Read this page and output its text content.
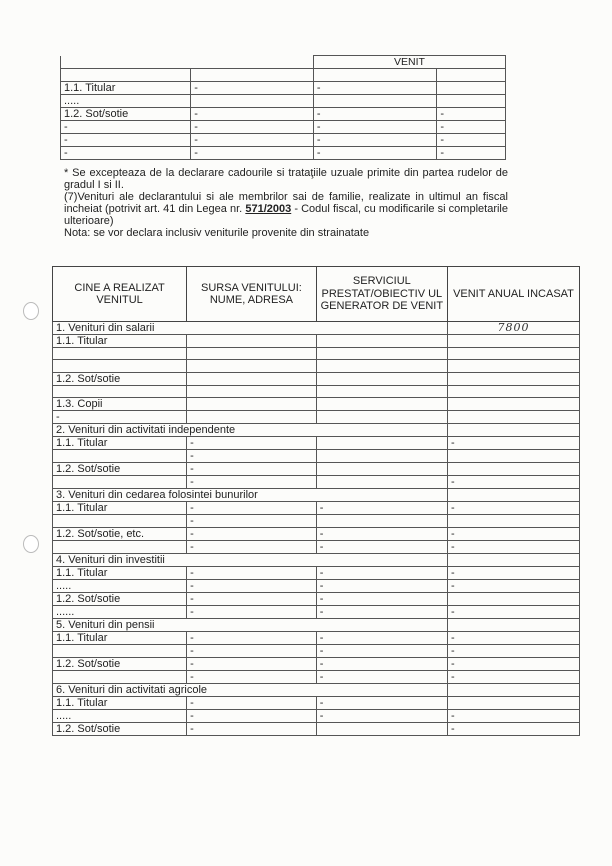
		VENIT	

1.1. Titular	-	-	
.....			
1.2. Sot/sotie	-	-	-
-	-	-	-
-	-	-	-
-	-	-	-

* Se excepteaza de la declarare cadourile si trataţiile uzuale primite din partea rudelor de gradul I si II.

(7)Venituri ale declarantului si ale membrilor sai de familie, realizate in ultimul an fiscal incheiat (potrivit art. 41 din Legea nr. 571/2003 - Codul fiscal, cu modificarile si completarile ulterioare)

Nota: se vor declara inclusiv veniturile provenite din strainatate

CINE A REALIZAT VENITUL	SURSA VENITULUI: NUME, ADRESA	SERVICIUL PRESTAT/OBIECTIV UL GENERATOR DE VENIT	VENIT ANUAL INCASAT
1. Venituri din salarii			7800
1.1. Titular			

1.2. Sot/sotie			

1.3. Copii			
-			
2. Venituri din activitati independente			
1.1. Titular	-		-
	-		
1.2. Sot/sotie	-		
	-		-
3. Venituri din cedarea folosintei bunurilor			
1.1. Titular	-	-	-
	-		
1.2. Sot/sotie, etc.	-	-	-
	-	-	-
4. Venituri din investitii			
1.1. Titular	-	-	-
.....	-	-	-
1.2. Sot/sotie	-	-	
......	-	-	-
5. Venituri din pensii			
1.1. Titular	-	-	-
	-	-	-
1.2. Sot/sotie	-	-	-
	-	-	-
6. Venituri din activitati agricole			
1.1. Titular	-	-	
.....	-	-	-
1.2. Sot/sotie	-		-
